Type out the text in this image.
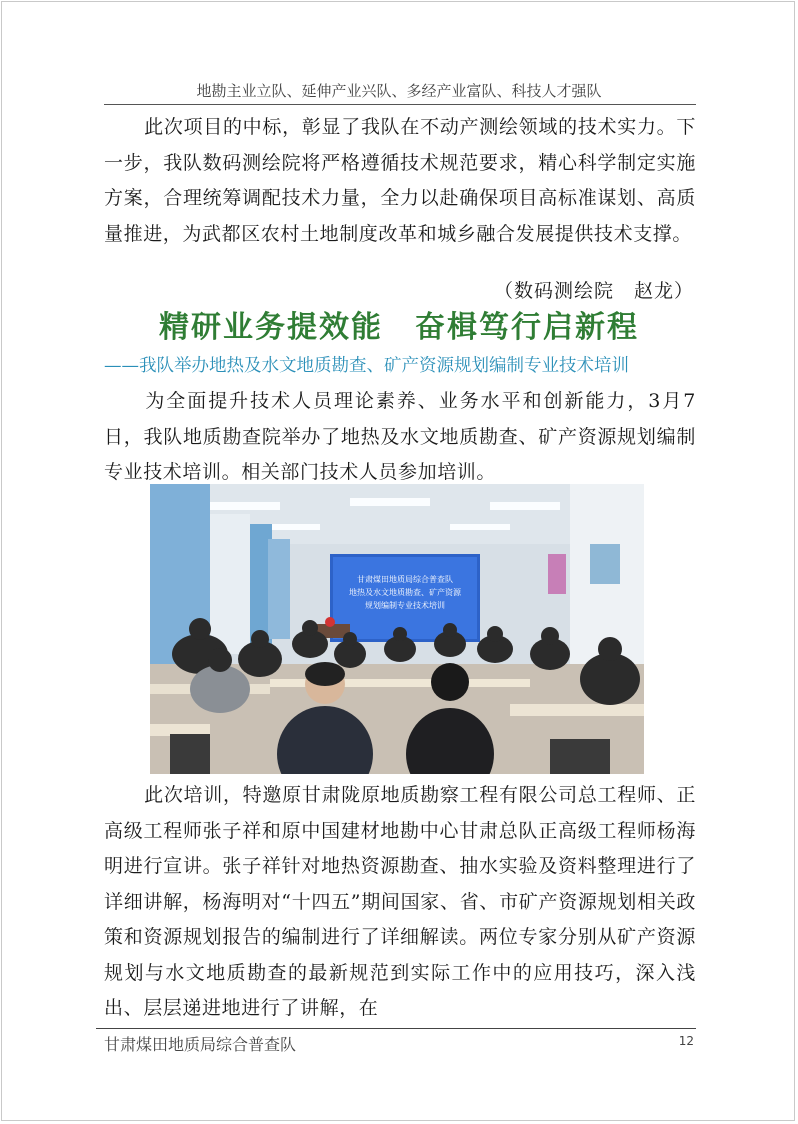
地勘主业立队、延伸产业兴队、多经产业富队、科技人才强队

此次项目的中标，彰显了我队在不动产测绘领域的技术实力。下一步，我队数码测绘院将严格遵循技术规范要求，精心科学制定实施方案，合理统筹调配技术力量，全力以赴确保项目高标准谋划、高质量推进，为武都区农村土地制度改革和城乡融合发展提供技术支撑。

（数码测绘院　赵龙）
精研业务提效能　奋楫笃行启新程
——我队举办地热及水文地质勘查、矿产资源规划编制专业技术培训

为全面提升技术人员理论素养、业务水平和创新能力，3月7日，我队地质勘查院举办了地热及水文地质勘查、矿产资源规划编制专业技术培训。相关部门技术人员参加培训。

甘肃煤田地质局综合普查队
地热及水文地质勘查、矿产资源
规划编制专业技术培训

此次培训，特邀原甘肃陇原地质勘察工程有限公司总工程师、正高级工程师张子祥和原中国建材地勘中心甘肃总队正高级工程师杨海明进行宣讲。张子祥针对地热资源勘查、抽水实验及资料整理进行了详细讲解，杨海明对“十四五”期间国家、省、市矿产资源规划相关政策和资源规划报告的编制进行了详细解读。两位专家分别从矿产资源规划与水文地质勘查的最新规范到实际工作中的应用技巧，深入浅出、层层递进地进行了讲解，在

甘肃煤田地质局综合普查队	12
